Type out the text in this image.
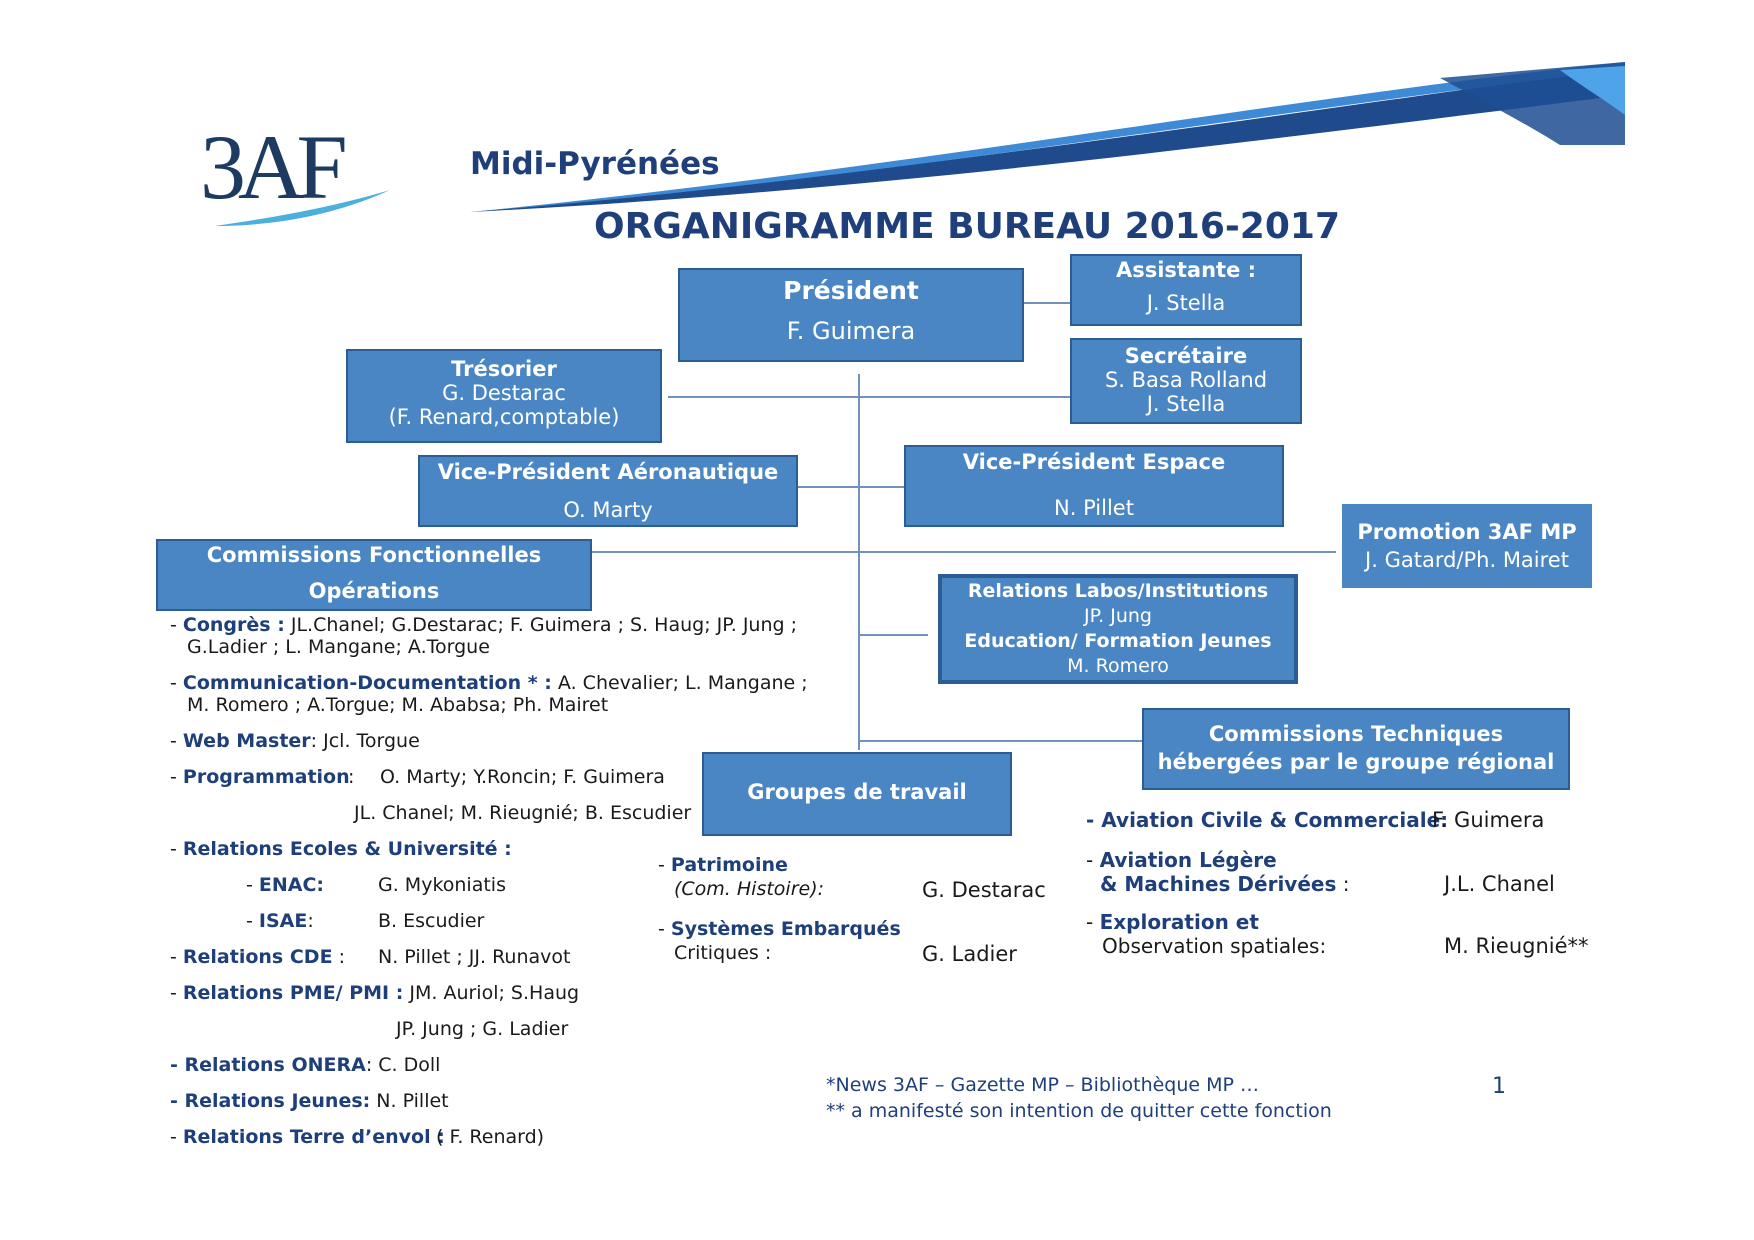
3AF	Midi-Pyrénées
ORGANIGRAMME BUREAU 2016-2017
Président
F. Guimera
Assistante :
J. Stella
Secrétaire
S. Basa Rolland
J. Stella
Trésorier
G. Destarac
(F. Renard,comptable)
Vice-Président Aéronautique
O. Marty
Vice-Président Espace
N. Pillet
Promotion 3AF MP
J. Gatard/Ph. Mairet
Commissions Fonctionnelles
Opérations	Relations Labos/Institutions
JP. Jung
Education/ Formation Jeunes
M. Romero
Commissions Techniques
hébergées par le groupe régional
Groupes de travail
- Congrès : JL.Chanel; G.Destarac; F. Guimera ; S. Haug; JP. Jung ;
G.Ladier ; L. Mangane; A.Torgue
- Communication-Documentation * : A. Chevalier; L. Mangane ;
M. Romero ; A.Torgue; M. Ababsa; Ph. Mairet
- Web Master: Jcl. Torgue
- Programmation
: O. Marty; Y.Roncin; F. Guimera
JL. Chanel; M. Rieugnié; B. Escudier
- Relations Ecoles & Université :
- ENAC:	G. Mykoniatis
- ISAE:	B. Escudier
- Relations CDE : N. Pillet ; JJ. Runavot
- Relations PME/ PMI : JM. Auriol; S.Haug
JP. Jung ; G. Ladier
- Relations ONERA: C. Doll
- Relations Jeunes: N. Pillet
- Relations Terre d’envol :
( F. Renard)
- Patrimoine
(Com. Histoire):	G. Destarac
- Systèmes Embarqués
Critiques :	G. Ladier
- Aviation Civile & Commerciale:
F. Guimera
- Aviation Légère
& Machines Dérivées :	J.L. Chanel
- Exploration et
Observation spatiales:	M. Rieugnié**
*News 3AF – Gazette MP – Bibliothèque MP …
** a manifesté son intention de quitter cette fonction
1
